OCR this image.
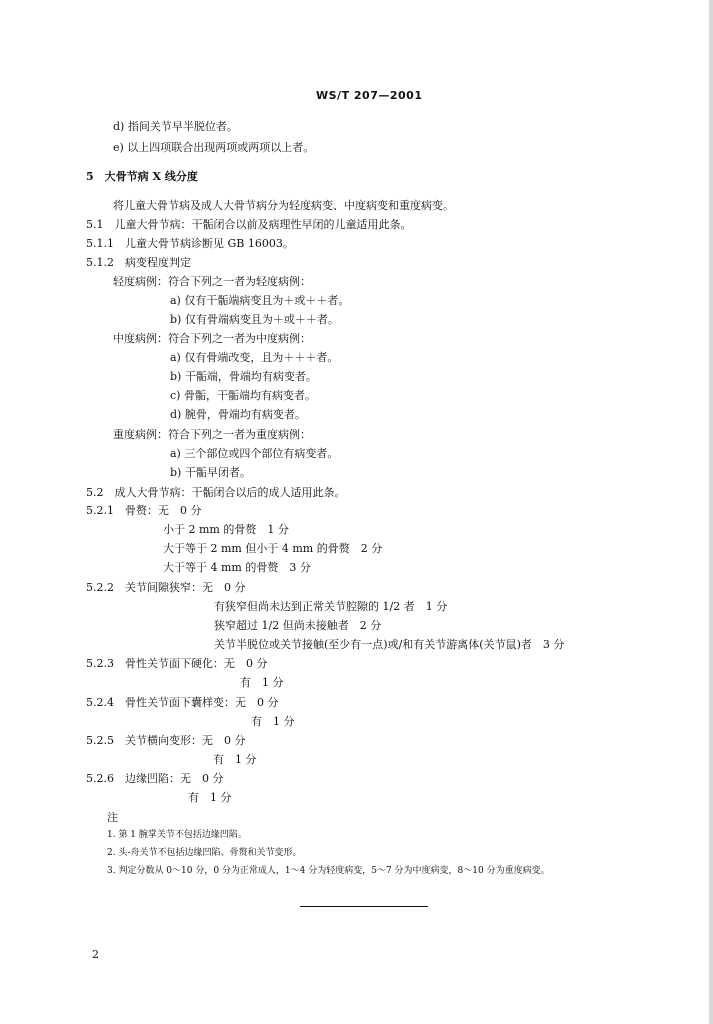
WS/T 207—2001
d) 指间关节早半脱位者。
e) 以上四项联合出现两项或两项以上者。
5　大骨节病 X 线分度
将儿童大骨节病及成人大骨节病分为轻度病变、中度病变和重度病变。
5.1　儿童大骨节病：干骺闭合以前及病理性早闭的儿童适用此条。
5.1.1　儿童大骨节病诊断见 GB 16003。
5.1.2　病变程度判定
轻度病例：符合下列之一者为轻度病例：
a) 仅有干骺端病变且为＋或＋＋者。
b) 仅有骨端病变且为＋或＋＋者。
中度病例：符合下列之一者为中度病例：
a) 仅有骨端改变，且为＋＋＋者。
b) 干骺端，骨端均有病变者。
c) 骨骺，干骺端均有病变者。
d) 腕骨，骨端均有病变者。
重度病例：符合下列之一者为重度病例：
a) 三个部位或四个部位有病变者。
b) 干骺早闭者。
5.2　成人大骨节病：干骺闭合以后的成人适用此条。
5.2.1　骨赘：无　0 分
小于 2 mm 的骨赘　1 分
大于等于 2 mm 但小于 4 mm 的骨赘　2 分
大于等于 4 mm 的骨赘　3 分
5.2.2　关节间隙狭窄：无　0 分
有狭窄但尚未达到正常关节腔隙的 1/2 者　1 分
狭窄超过 1/2 但尚未接触者　2 分
关节半脱位或关节接触(至少有一点)或/和有关节游离体(关节鼠)者　3 分
5.2.3　骨性关节面下硬化：无　0 分
有　1 分
5.2.4　骨性关节面下囊样变：无　0 分
有　1 分
5.2.5　关节横向变形：无　0 分
有　1 分
5.2.6　边缘凹陷：无　0 分
有　1 分
注
1. 第 1 腕掌关节不包括边缘凹陷。
2. 头-舟关节不包括边缘凹陷、骨赘和关节变形。
3. 判定分数从 0～10 分，0 分为正常成人，1～4 分为轻度病变，5～7 分为中度病变，8～10 分为重度病变。
2
